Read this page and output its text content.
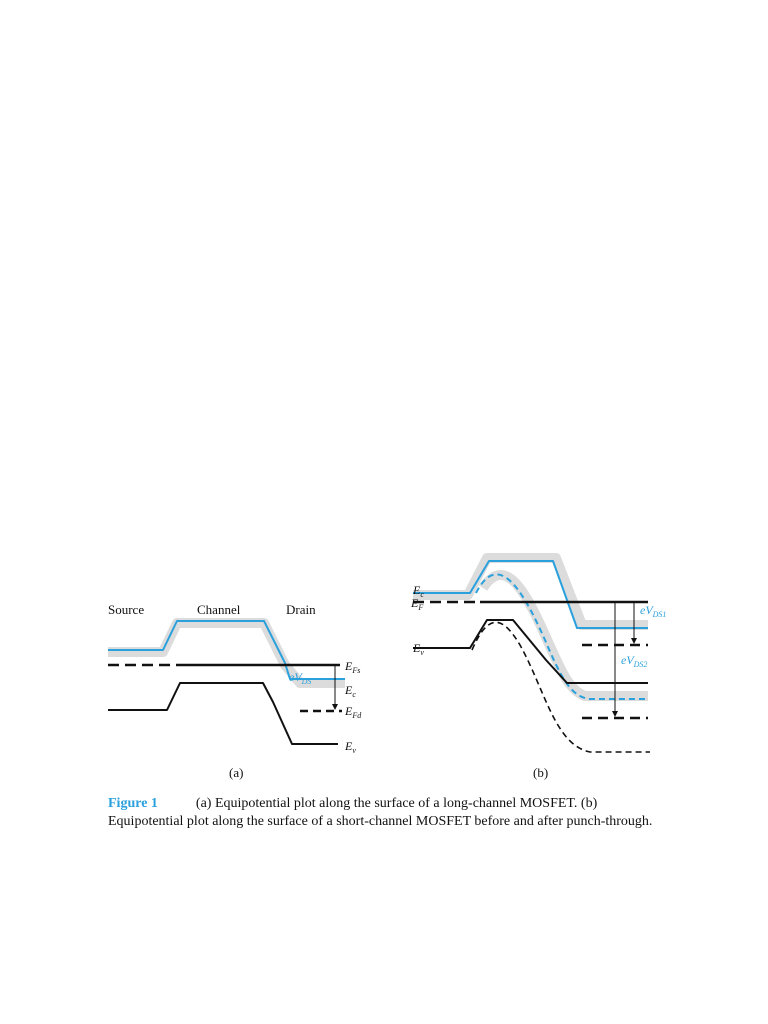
Source	Channel	Drain
$eV_{DS}$
$E_{Fs}$
$E_c$
$E_{Fd}$
$E_v$
(a)
$E_c$
$E_F$
$E_v$
$eV_{DS1}$
$eV_{DS2}$
(b)
Figure 1	(a) Equipotential plot along the surface of a long-channel MOSFET. (b) Equipotential plot along the surface of a short-channel MOSFET before and after punch-through.
